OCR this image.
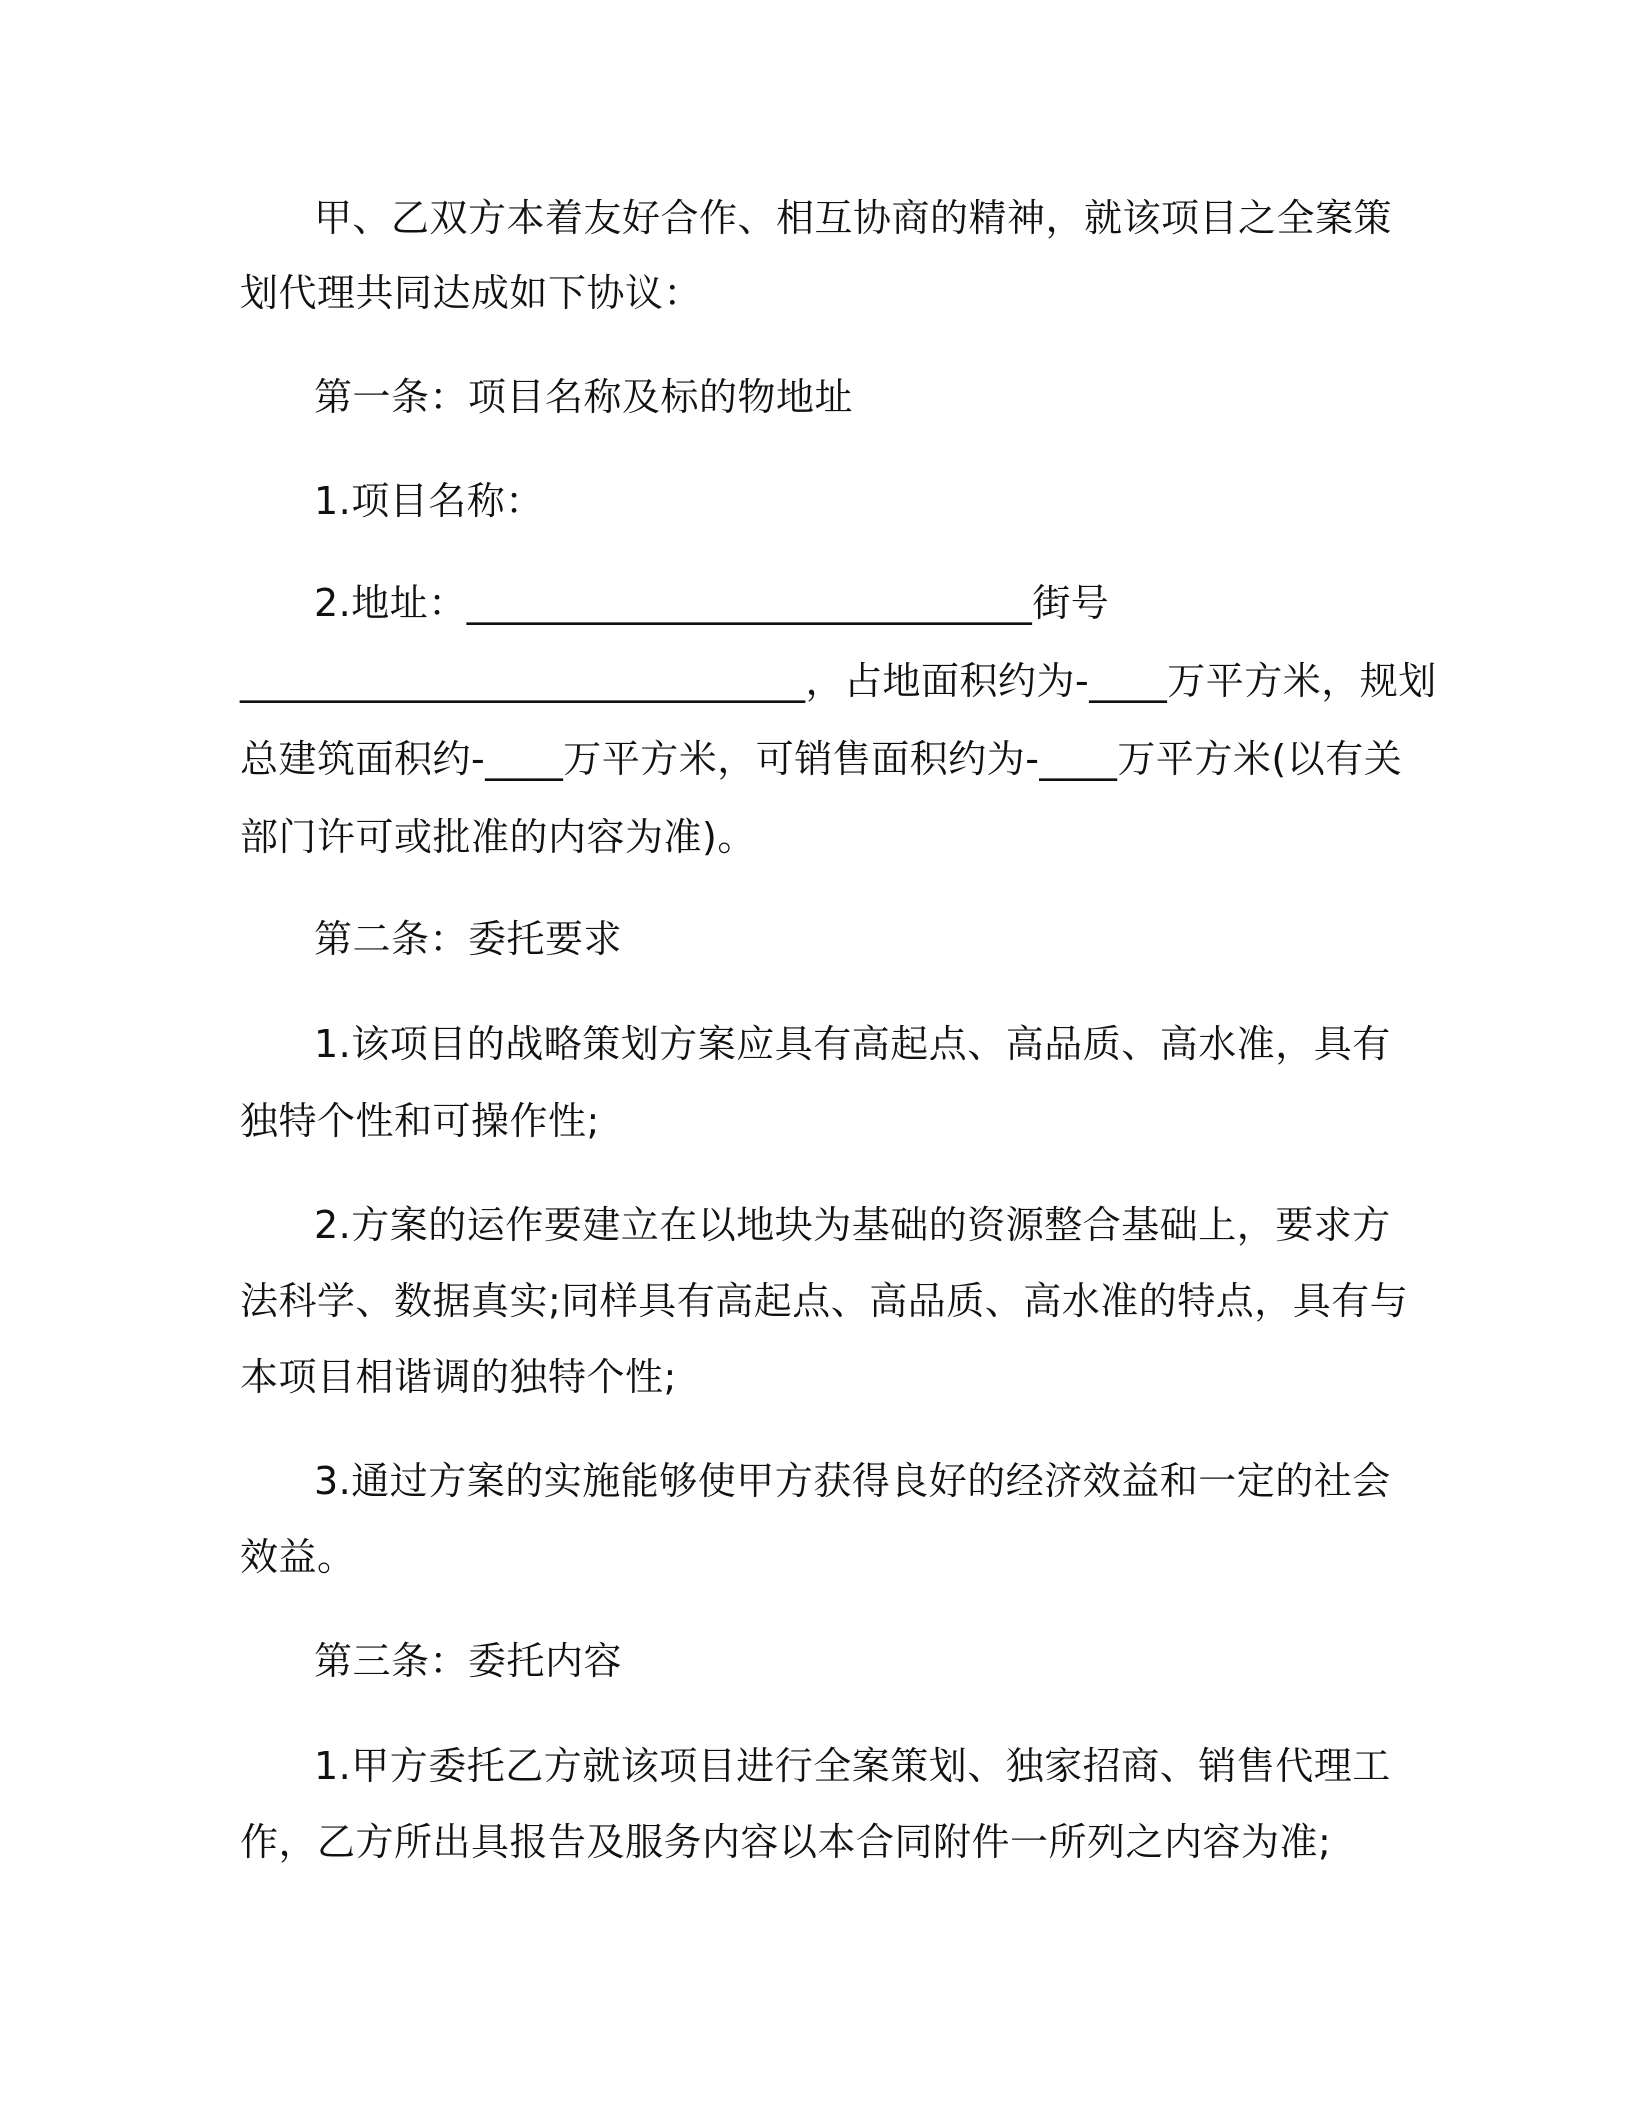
甲、乙双方本着友好合作、相互协商的精神，就该项目之全案策

划代理共同达成如下协议：

第一条：项目名称及标的物地址

1.项目名称：

2.地址：_____________________________街号

_____________________________，占地面积约为-____万平方米，规划

总建筑面积约-____万平方米，可销售面积约为-____万平方米(以有关

部门许可或批准的内容为准)。

第二条：委托要求

1.该项目的战略策划方案应具有高起点、高品质、高水准，具有

独特个性和可操作性;

2.方案的运作要建立在以地块为基础的资源整合基础上，要求方

法科学、数据真实;同样具有高起点、高品质、高水准的特点，具有与

本项目相谐调的独特个性;

3.通过方案的实施能够使甲方获得良好的经济效益和一定的社会

效益。

第三条：委托内容

1.甲方委托乙方就该项目进行全案策划、独家招商、销售代理工

作，乙方所出具报告及服务内容以本合同附件一所列之内容为准;
